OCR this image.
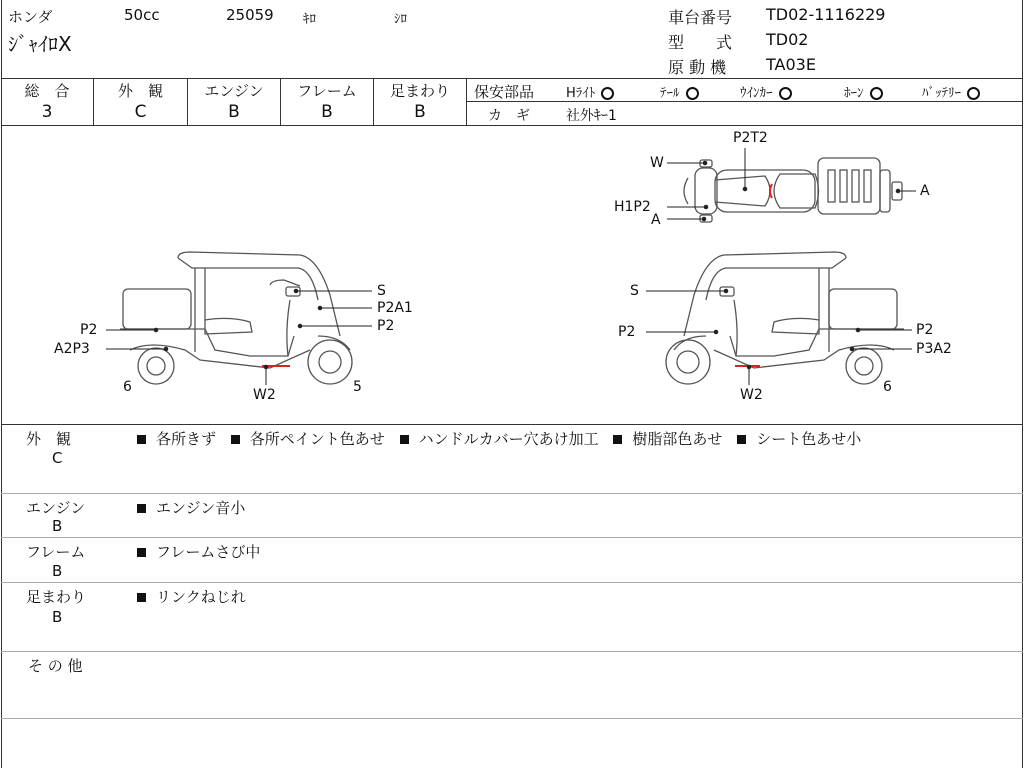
ホンダ	50cc	25059 ｷﾛ	ｼﾛ
ｼﾞｬｲﾛX
車台番号 TD02-1116229
型　　式 TD02
原 動 機 TA03E
総　合	外　観	エンジン	フレーム	足まわり
3	C	B	B	B
保安部品 Hﾗｲﾄ	ﾃｰﾙ	ｳｲﾝｶｰ	ﾎｰﾝ	ﾊﾞｯﾃﾘｰ
カ　ギ	社外ｷｰ1
S
P2A1
P2
P2
A2P3
6	W2	5
S
P2	P2
P3A2
6
W2
P2T2
W
H1P2
A
A
外　観
C
各所きず 各所ペイント色あせ ハンドルカバー穴あけ加工 樹脂部色あせ シート色あせ小
エンジン
B
エンジン音小
フレーム
B
フレームさび中
足まわり
B
リンクねじれ
そ の 他
